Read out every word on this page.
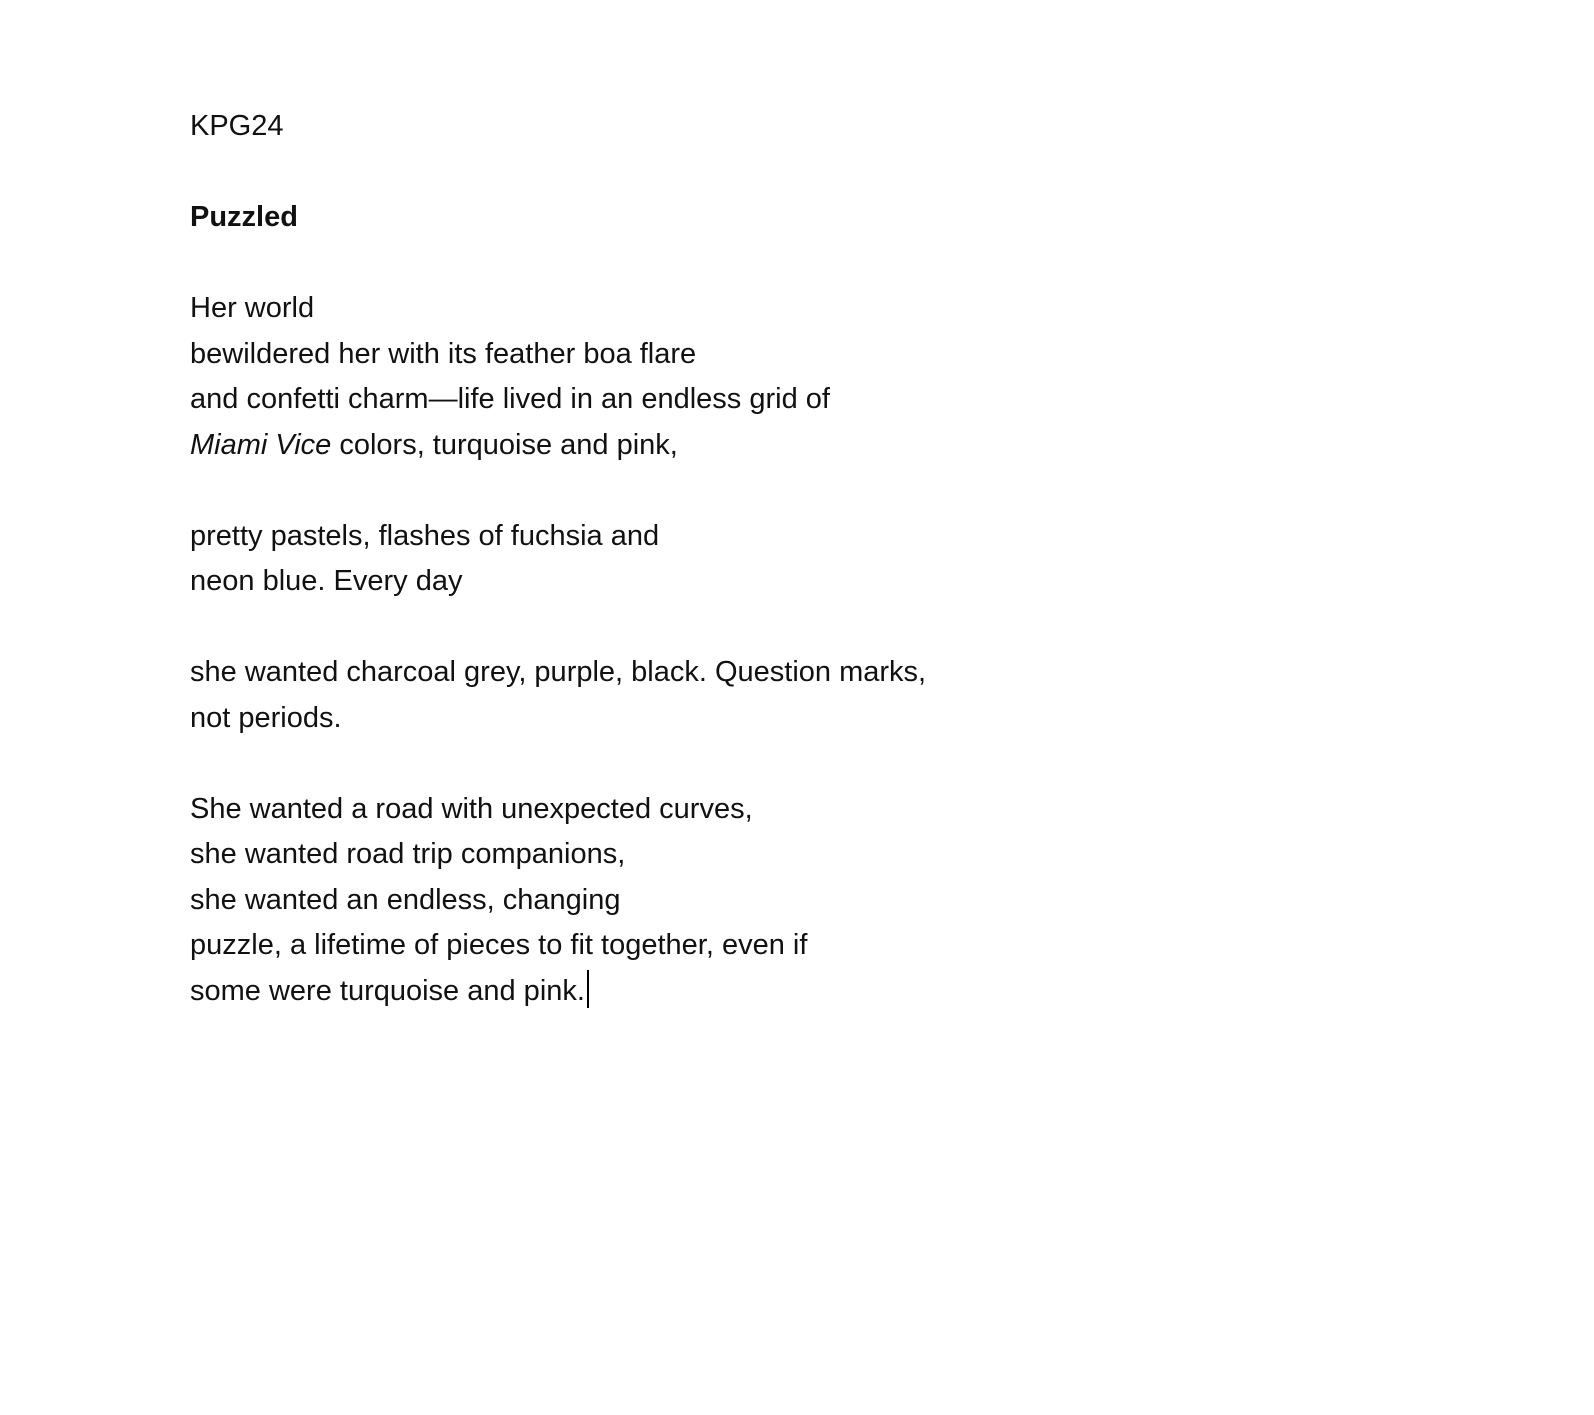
KPG24

Puzzled

Her world

bewildered her with its feather boa flare

and confetti charm—life lived in an endless grid of

Miami Vice colors, turquoise and pink,

pretty pastels, flashes of fuchsia and

neon blue. Every day

she wanted charcoal grey, purple, black. Question marks,

not periods.

She wanted a road with unexpected curves,

she wanted road trip companions,

she wanted an endless, changing

puzzle, a lifetime of pieces to fit together, even if

some were turquoise and pink.
